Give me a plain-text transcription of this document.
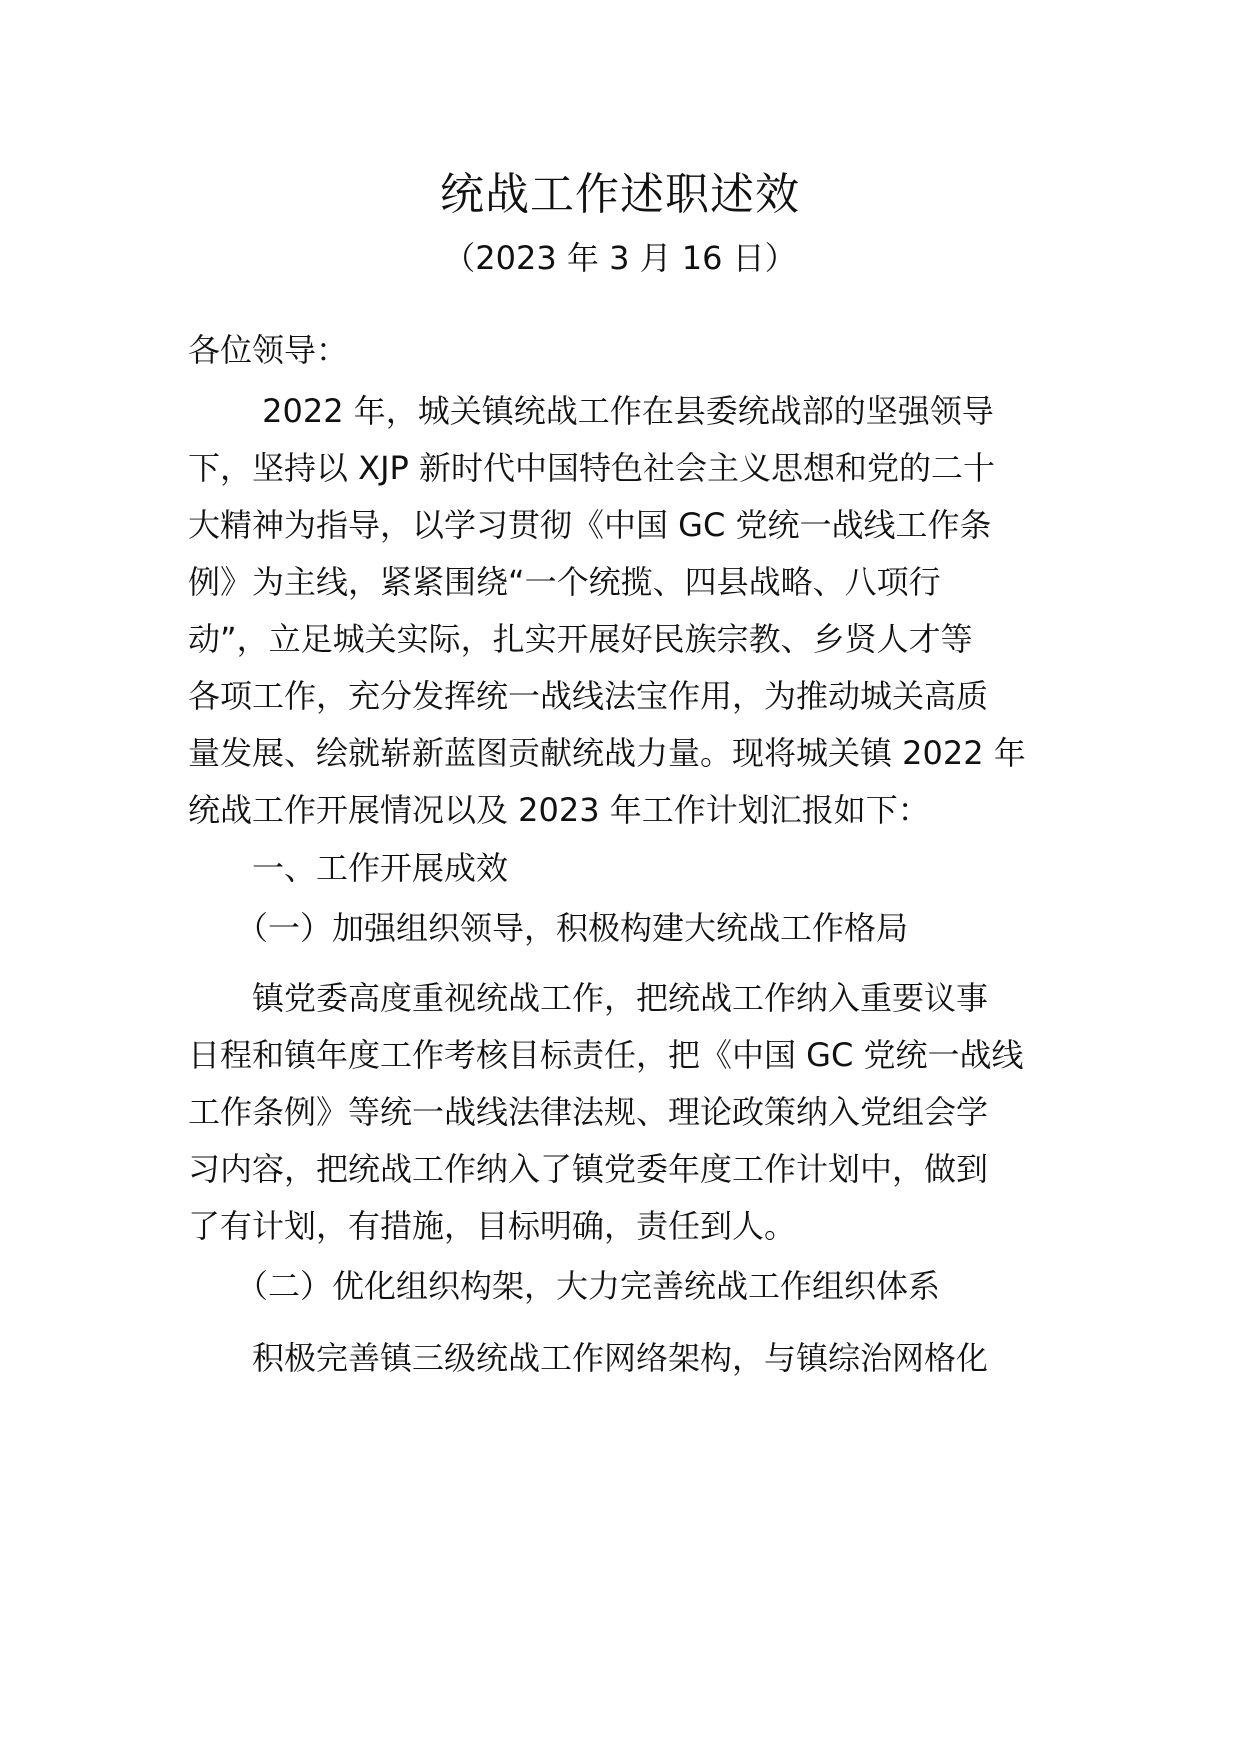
统战工作述职述效
（2023 年 3 月 16 日）
各位领导：
　　 2022 年，城关镇统战工作在县委统战部的坚强领导
下，坚持以 XJP 新时代中国特色社会主义思想和党的二十
大精神为指导，以学习贯彻《中国 GC 党统一战线工作条
例》为主线，紧紧围绕“一个统揽、四县战略、八项行
动”，立足城关实际，扎实开展好民族宗教、乡贤人才等
各项工作，充分发挥统一战线法宝作用，为推动城关高质
量发展、绘就崭新蓝图贡献统战力量。现将城关镇 2022 年
统战工作开展情况以及 2023 年工作计划汇报如下：
　　一、工作开展成效
　　（一）加强组织领导，积极构建大统战工作格局
　　镇党委高度重视统战工作，把统战工作纳入重要议事
日程和镇年度工作考核目标责任，把《中国 GC 党统一战线
工作条例》等统一战线法律法规、理论政策纳入党组会学
习内容，把统战工作纳入了镇党委年度工作计划中，做到
了有计划，有措施，目标明确，责任到人。
　　（二）优化组织构架，大力完善统战工作组织体系
　　积极完善镇三级统战工作网络架构，与镇综治网格化
